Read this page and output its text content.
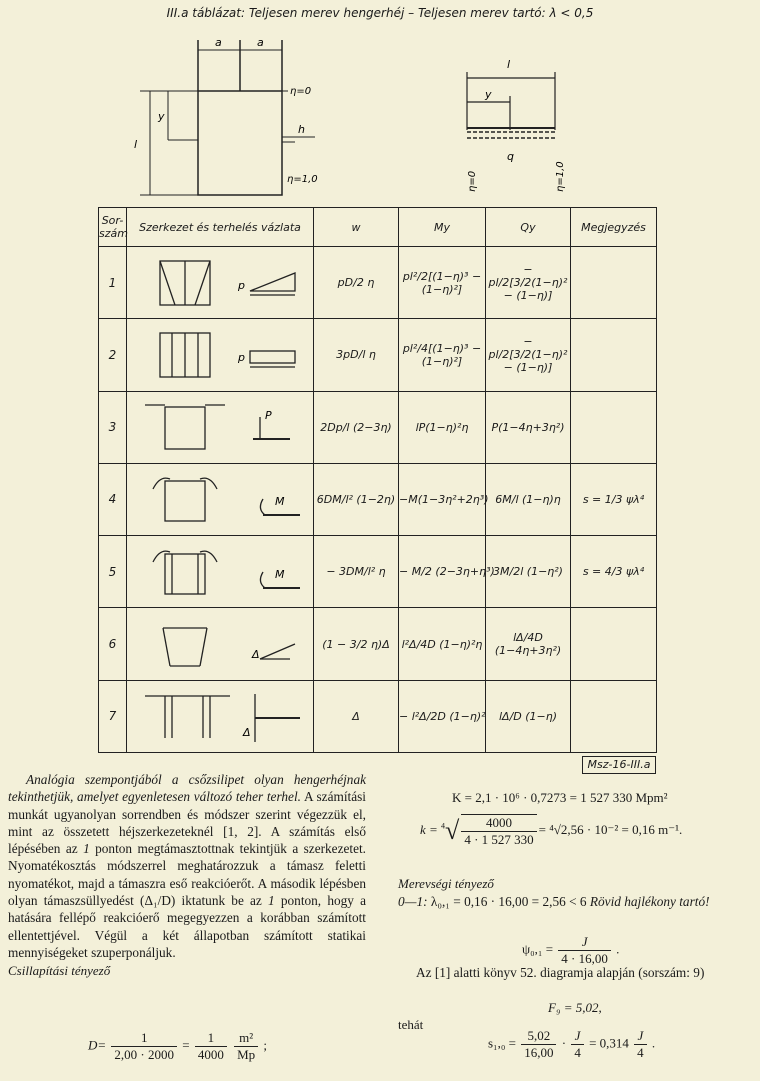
III.a táblázat: Teljesen merev hengerhéj – Teljesen merev tartó: λ < 0,5
a	a
y
l
h
η=0
η=1,0
l
y
q
η=0	η=1,0
Sor-szám	Szerkezet és terhelés vázlata	w	My	Qy	Megjegyzés
1	p	pD/2 η	pl²/2[(1−η)³ − (1−η)²]	− pl/2[3/2(1−η)² − (1−η)]	
2	p	3pD/l η	pl²/4[(1−η)³ − (1−η)²]	− pl/2[3/2(1−η)² − (1−η)]	
3	P	2Dp/l (2−3η)	lP(1−η)²η	P(1−4η+3η²)	
4	M	6DM/l² (1−2η)	−M(1−3η²+2η³)	6M/l (1−η)η	s = 1/3 ψλ⁴
5	M	− 3DM/l² η	− M/2 (2−3η+η³)	3M/2l (1−η²)	s = 4/3 ψλ⁴
6	Δ	(1 − 3/2 η)Δ	l²Δ/4D (1−η)²η	lΔ/4D (1−4η+3η²)	
7	Δ	Δ	− l²Δ/2D (1−η)²	lΔ/D (1−η)	
Msz-16-III.a

Analógia szempontjából a csőzsilipet olyan hengerhéjnak tekinthetjük, amelyet egyenletesen változó teher terhel. A számítási munkát ugyanolyan sorrendben és módszer szerint végezzük el, mint az összetett héjszerkezeteknél [1, 2]. A számítás első lépésében az 1 ponton megtámasztottnak tekintjük a szerkezetet. Nyomatékosztás módszerrel meghatározzuk a támasz feletti nyomatékot, majd a támaszra eső reakcióerőt. A második lépésben olyan támaszsüllyedést (Δ₁/D) iktatunk be az 1 ponton, hogy a hatására fellépő reakcióerő megegyezzen a korábban számított ellentettjével. Végül a két állapotban számított statikai mennyiségeket szuperponáljuk.

Csillapítási tényező
$D= \frac{1}{2,00 \cdot 2000} = \frac{1}{4000}$
$\frac{\text{m²}}{Mp}$ ;
K = 2,1 · 10⁶ · 0,7273 = 1 527 330 Mpm²
$k = ^4√ \frac{4000}{4 \cdot 1 527 330} = ^4√2,56 \cdot 10^{-2} = 0,16$ m⁻¹.
Merevségi tényező
0—1: λ₀,₁ = 0,16 · 16,00 = 2,56 < 6 Rövid hajlékony tartó!
$\psi_0,_1 = \frac{J}{4 \cdot 16,00}$ .
Az [1] alatti könyv 52. diagramja alapján (sorszám: 9)
F₉ = 5,02,
tehát
$s_1,_0 = \frac{5,02}{16,00} \cdot \frac{J}{4} = 0,314 \frac{J}{4}$ .
